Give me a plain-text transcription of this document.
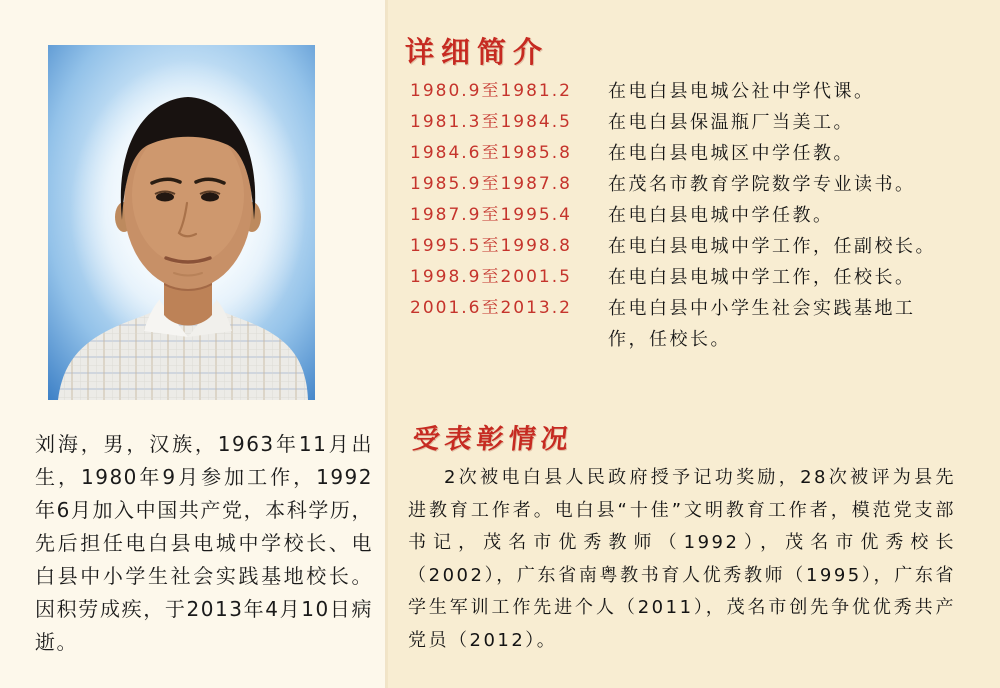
刘海，男，汉族，1963年11月出生，1980年9月参加工作，1992年6月加入中国共产党，本科学历，先后担任电白县电城中学校长、电白县中小学生社会实践基地校长。因积劳成疾，于2013年4月10日病逝。
详细简介
1980.9至1981.2	在电白县电城公社中学代课。
1981.3至1984.5	在电白县保温瓶厂当美工。
1984.6至1985.8	在电白县电城区中学任教。
1985.9至1987.8	在茂名市教育学院数学专业读书。
1987.9至1995.4	在电白县电城中学任教。
1995.5至1998.8	在电白县电城中学工作，任副校长。
1998.9至2001.5	在电白县电城中学工作，任校长。
2001.6至2013.2	在电白县中小学生社会实践基地工作，任校长。
受表彰情况
2次被电白县人民政府授予记功奖励，28次被评为县先进教育工作者。电白县“十佳”文明教育工作者，模范党支部书记，茂名市优秀教师（1992），茂名市优秀校长（2002），广东省南粤教书育人优秀教师（1995），广东省学生军训工作先进个人（2011），茂名市创先争优优秀共产党员（2012）。
